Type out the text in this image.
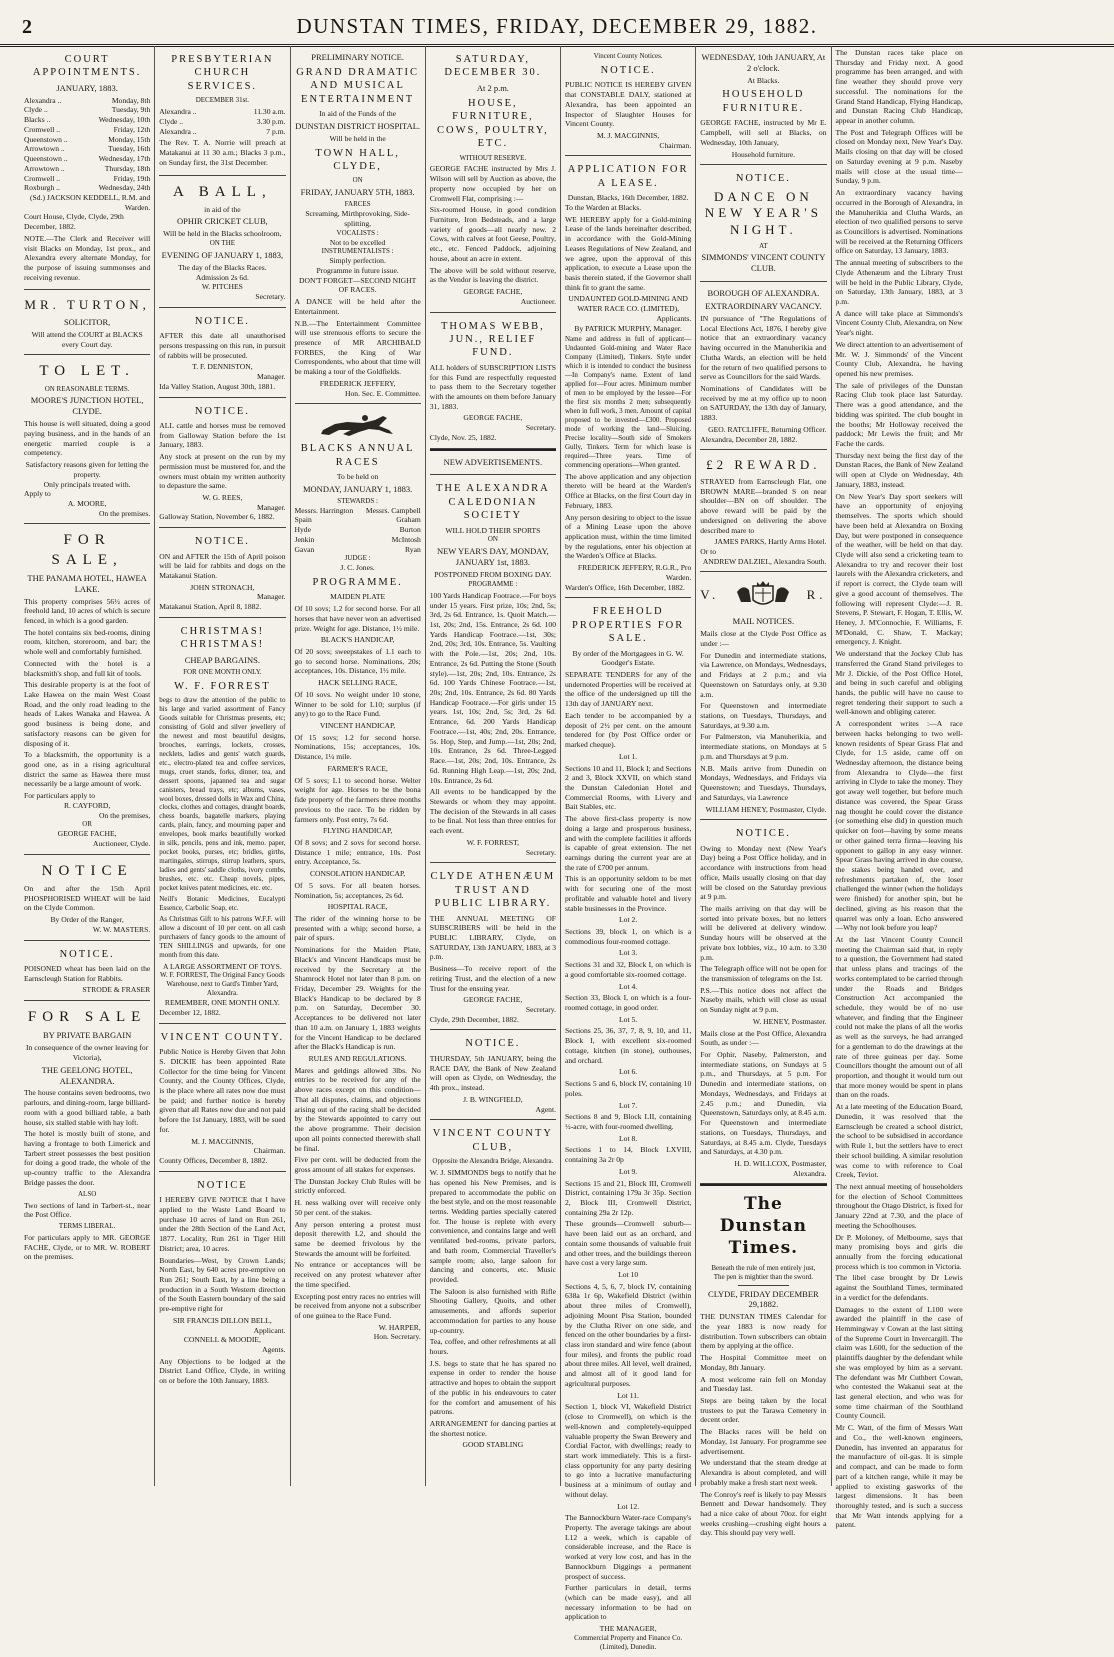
2	DUNSTAN TIMES, FRIDAY, DECEMBER 29, 1882.
COURT APPOINTMENTS.
JANUARY, 1883.
Alexandra ..	Monday, 8th
Clyde ..	Tuesday, 9th
Blacks ..	Wednesday, 10th
Cromwell ..	Friday, 12th
Queenstown ..	Monday, 15th
Arrowtown ..	Tuesday, 16th
Queenstown ..	Wednesday, 17th
Arrowtown ..	Thursday, 18th
Cromwell ..	Friday, 19th
Roxburgh ..	Wednesday, 24th
(Sd.) JACKSON KEDDELL, R.M. and Warden.
Court House, Clyde, Clyde, 29th December, 1882.
NOTE.—The Clerk and Receiver will visit Blacks on Monday, 1st prox., and Alexandra every alternate Monday, for the purpose of issuing summonses and receiving revenue.
MR. TURTON,
SOLICITOR,
Will attend the COURT at BLACKS every Court day.
TO LET.
ON REASONABLE TERMS.
MOORE'S JUNCTION HOTEL, CLYDE.
This house is well situated, doing a good paying business, and in the hands of an energetic married couple is a competency.
Satisfactory reasons given for letting the property.
Only principals treated with.
Apply to
A. MOORE,
On the premises.
FOR SALE,
THE PANAMA HOTEL, HAWEA LAKE.
This property comprises 56½ acres of freehold land, 10 acres of which is secure fenced, in which is a good garden.
The hotel contains six bed-rooms, dining room, kitchen, storeroom, and bar; the whole well and comfortably furnished.
Connected with the hotel is a blacksmith's shop, and full kit of tools.
This desirable property is at the foot of Lake Hawea on the main West Coast Road, and the only road leading to the heads of Lakes Wanaka and Hawea. A good business is being done, and satisfactory reasons can be given for disposing of it.
To a blacksmith, the opportunity is a good one, as in a rising agricultural district the same as Hawea there must necessarily be a large amount of work.
For particulars apply to
R. CAYFORD,
On the premises,
OR
GEORGE FACHE,
Auctioneer, Clyde.
NOTICE
On and after the 15th April PHOSPHORISED WHEAT will be laid on the Clyde Common.
By Order of the Ranger,
W. W. MASTERS.
NOTICE.
POISONED wheat has been laid on the Earnscleugh Station for Rabbits.
STRODE & FRASER
FOR SALE
BY PRIVATE BARGAIN
In consequence of the owner leaving for Victoria),
THE GEELONG HOTEL, ALEXANDRA.
The house contains seven bedrooms, two parlours, and dining-room, large billiard-room with a good billiard table, a bath house, six stalled stable with hay loft.
The hotel is mostly built of stone, and having a frontage to both Limerick and Tarbert street possesses the best position for doing a good trade, the whole of the up-country traffic to the Alexandra Bridge passes the door.
ALSO
Two sections of land in Tarbert-st., near the Post Office.
TERMS LIBERAL.
For particulars apply to MR. GEORGE FACHE, Clyde, or to MR. W. ROBERT on the premises.
PRESBYTERIAN CHURCH SERVICES.
DECEMBER 31st.
Alexandra ..	11.30 a.m.
Clyde ..	3.30 p.m.
Alexandra ..	7 p.m.
The Rev. T. A. Norrie will preach at Matakanui at 11 30 a.m.; Blacks 3 p.m., on Sunday first, the 31st December.
A BALL,
in aid of the
OPHIR CRICKET CLUB,
Will be held in the Blacks schoolroom,
ON THE
EVENING OF JANUARY 1, 1883,
The day of the Blacks Races.
Admission 2s 6d.
W. PITCHES
Secretary.
NOTICE.
AFTER this date all unauthorised persons trespassing on this run, in pursuit of rabbits will be prosecuted.
T. F. DENNISTON,
Manager.
Ida Valley Station, August 30th, 1881.
NOTICE.
ALL cattle and horses must be removed from Galloway Station before the 1st January, 1883.
Any stock at present on the run by my permission must be mustered for, and the owners must obtain my written authority to depasture the same.
W. G. REES,
Manager.
Galloway Station, November 6, 1882.
NOTICE.
ON and AFTER the 15th of April poison will be laid for rabbits and dogs on the Matakanui Station.
JOHN STRONACH,
Manager.
Matakanui Station, April 8, 1882.
CHRISTMAS! CHRISTMAS!
CHEAP BARGAINS.
FOR ONE MONTH ONLY.
W. F. FORREST
begs to draw the attention of the public to his large and varied assortment of Fancy Goods suitable for Christmas presents, etc; consisting of Gold and silver jewellery of the newest and most beautiful designs, brooches, earrings, lockets, crosses, necklets, ladies and gents' watch guards, etc., electro-plated tea and coffee services, mugs, cruet stands, forks, dinner, tea, and dessert spoons, japanned tea and sugar canisters, bread trays, etc; albums, vases, wool boxes, dressed dolls in Wax and China, clocks, clothes and cottages, draught boards, chess boards, bagatelle markers, playing cards, plain, fancy, and mourning paper and envelopes, book marks beautifully worked in silk, pencils, pens and ink, memo. paper, pocket books, purses, etc; bridles, girths, martingales, stirrups, stirrup leathers, spurs, ladies and gents' saddle cloths, ivory combs, brushes, etc. etc. Cheap novels, pipes, pocket knives patent medicines, etc. etc.
Neill's Botanic Medicines, Eucalypti Essence, Carbolic Soap, etc.
As Christmas Gift to his patrons W.F.F. will allow a discount of 10 per cent. on all cash purchasers of fancy goods to the amount of TEN SHILLINGS and upwards, for one month from this date.
A LARGE ASSORTMENT OF TOYS.
W. F. FORREST, The Original Fancy Goods Warehouse, next to Gard's Timber Yard, Alexandra.
REMEMBER, ONE MONTH ONLY.
December 12, 1882.
VINCENT COUNTY.
Public Notice is Hereby Given that John S. DICKIE has been appointed Rate Collector for the time being for Vincent County, and the County Offices, Clyde, is the place where all rates now due must be paid; and further notice is hereby given that all Rates now due and not paid before the 1st January, 1883, will be sued for.
M. J. MACGINNIS,
Chairman.
County Offices, December 8, 1882.
NOTICE
I HEREBY GIVE NOTICE that I have applied to the Waste Land Board to purchase 10 acres of land on Run 261, under the 28th Section of the Land Act, 1877. Locality, Run 261 in Tiger Hill District; area, 10 acres.
Boundaries—West, by Crown Lands; North East, by 640 acres pre-emptive on Run 261; South East, by a line being a production in a South Western direction of the South Eastern boundary of the said pre-emptive right for
SIR FRANCIS DILLON BELL,
Applicant.
CONNELL & MOODIE,
Agents.
Any Objections to be lodged at the District Land Office, Clyde, in writing on or before the 10th January, 1883.
PRELIMINARY NOTICE.
GRAND DRAMATIC AND MUSICAL ENTERTAINMENT
In aid of the Funds of the
DUNSTAN DISTRICT HOSPITAL.
Will be held in the
TOWN HALL, CLYDE,
ON
FRIDAY, JANUARY 5TH, 1883.
FARCES
Screaming, Mirthprovoking, Side-splitting,
VOCALISTS :
Not to be excelled
INSTRUMENTALISTS :
Simply perfection.
Programme in future issue.
DON'T FORGET—SECOND NIGHT OF RACES.
A DANCE will be held after the Entertainment.
N.B.—The Entertainment Committee will use strenuous efforts to secure the presence of MR ARCHIBALD FORBES, the King of War Correspondents, who about that time will be making a tour of the Goldfields.
FREDERICK JEFFERY,
Hon. Sec. E. Committee.
BLACKS ANNUAL RACES
To be held on
MONDAY, JANUARY 1, 1883.
STEWARDS :
Messrs. Harrington Messrs. Campbell
Spain	Graham
Hyde	Burton
Jenkin	McIntosh
Gavan	Ryan
JUDGE :
J. C. Jones.
PROGRAMME.
MAIDEN PLATE
Of 10 sovs; 1.2 for second horse. For all horses that have never won an advertised prize. Weight for age. Distance, 1½ mile.
BLACK'S HANDICAP,
Of 20 sovs; sweepstakes of 1.1 each to go to second horse. Nominations, 20s; acceptances, 10s. Distance, 1½ mile.
HACK SELLING RACE,
Of 10 sovs. No weight under 10 stone, Winner to be sold for L10; surplus (if any) to go to the Race Fund.
VINCENT HANDICAP,
Of 15 sovs; 1.2 for second horse. Nominations, 15s; acceptances, 10s. Distance, 1¼ mile.
FARMER'S RACE,
Of 5 sovs; L1 to second horse. Welter weight for age. Horses to be the bona fide property of the farmers three months previous to the race. To be ridden by farmers only. Post entry, 7s 6d.
FLYING HANDICAP,
Of 8 sovs; and 2 sovs for second horse. Distance 1 mile; entrance, 10s. Post entry. Acceptance, 5s.
CONSOLATION HANDICAP,
Of 5 sovs. For all beaten horses. Nomination, 5s; acceptances, 2s 6d.
HOSPITAL RACE,
The rider of the winning horse to be presented with a whip; second horse, a pair of spurs.
Nominations for the Maiden Plate, Black's and Vincent Handicaps must be received by the Secretary at the Shamrock Hotel not later than 8 p.m. on Friday, December 29. Weights for the Black's Handicap to be declared by 8 p.m. on Saturday, December 30. Acceptances to be delivered not later than 10 a.m. on January 1, 1883 weights for the Vincent Handicap to be declared after the Black's Handicap is run.
RULES AND REGULATIONS.
Mares and geldings allowed 3lbs. No entries to be received for any of the above races except on this condition—That all disputes, claims, and objections arising out of the racing shall be decided by the Stewards appointed to carry out the above programme. Their decision upon all points connected therewith shall be final.
Five per cent. will be deducted from the gross amount of all stakes for expenses.
The Dunstan Jockey Club Rules will be strictly enforced.
H. ness walking over will receive only 50 per cent. of the stakes.
Any person entering a protest must deposit therewith L2, and should the same be deemed frivolous by the Stewards the amount will be forfeited.
No entrance or acceptances will be received on any protest whatever after the time specified.
Excepting post entry races no entries will be received from anyone not a subscriber of one guinea to the Race Fund.
W. HARPER,
Hon. Secretary.
SATURDAY, DECEMBER 30.
At 2 p.m.
HOUSE, FURNITURE, COWS, POULTRY, ETC.
WITHOUT RESERVE.
GEORGE FACHE instructed by Mrs J. Wilson will sell by Auction as above, the property now occupied by her on Cromwell Flat, comprising :—
Six-roomed House, in good condition Furniture, Iron Bedsteads, and a large variety of goods—all nearly new. 2 Cows, with calves at foot Geese, Poultry, etc., etc. Fenced Paddock, adjoining house, about an acre in extent.
The above will be sold without reserve, as the Vendor is leaving the district.
GEORGE FACHE,
Auctioneer.
THOMAS WEBB, JUN., RELIEF FUND.
ALL holders of SUBSCRIPTION LISTS for this Fund are respectfully requested to pass them to the Secretary together with the amounts on them before January 31, 1883.
GEORGE FACHE,
Secretary.
Clyde, Nov. 25, 1882.
NEW ADVERTISEMENTS.
THE ALEXANDRA CALEDONIAN SOCIETY
WILL HOLD THEIR SPORTS
ON
NEW YEAR'S DAY, MONDAY, JANUARY 1st, 1883.
POSTPONED FROM BOXING DAY.
PROGRAMME :
100 Yards Handicap Footrace.—For boys under 15 years. First prize, 10s; 2nd, 5s; 3rd, 2s 6d. Entrance, 1s. Quoit Match.—1st, 20s; 2nd, 15s. Entrance, 2s 6d. 100 Yards Handicap Footrace.—1st, 30s; 2nd, 20s; 3rd, 10s. Entrance, 5s. Vaulting with the Pole.—1st, 20s; 2nd, 10s. Entrance, 2s 6d. Putting the Stone (South style).—1st, 20s; 2nd, 10s. Entrance, 2s 6d. 100 Yards Chinese Footrace.—1st, 20s; 2nd, 10s. Entrance, 2s 6d. 80 Yards Handicap Footrace.—For girls under 15 years. 1st, 10s; 2nd, 5s; 3rd, 2s 6d. Entrance, 6d. 200 Yards Handicap Footrace.—1st, 40s; 2nd, 20s. Entrance, 5s. Hop, Step, and Jump.—1st, 20s; 2nd, 10s. Entrance, 2s 6d. Three-Legged Race.—1st, 20s; 2nd, 10s. Entrance, 2s 6d. Running High Leap.—1st, 20s; 2nd, 10s. Entrance, 2s 6d.
All events to be handicapped by the Stewards or whom they may appoint. The decision of the Stewards in all cases to be final. Not less than three entries for each event.
W. F. FORREST,
Secretary.
CLYDE ATHENÆUM TRUST AND PUBLIC LIBRARY.
THE ANNUAL MEETING OF SUBSCRIBERS will be held in the PUBLIC LIBRARY, Clyde, on SATURDAY, 13th JANUARY, 1883, at 3 p.m.
Business—To receive report of the retiring Trust, and the election of a new Trust for the ensuing year.
GEORGE FACHE,
Secretary.
Clyde, 29th December, 1882.
NOTICE.
THURSDAY, 5th JANUARY, being the RACE DAY, the Bank of New Zealand will open as Clyde, on Wednesday, the 4th prox., instead.
J. B. WINGFIELD,
Agent.
VINCENT COUNTY CLUB,
Opposite the Alexandra Bridge, Alexandra.
W. J. SIMMONDS begs to notify that he has opened his New Premises, and is prepared to accommodate the public on the best style, and on the most reasonable terms. Wedding parties specially catered for. The house is replete with every convenience, and contains large and well ventilated bed-rooms, private parlors, and bath room, Commercial Traveller's sample room; also, large saloon for dancing and concerts, etc. Music provided.
The Saloon is also furnished with Rifle Shooting Gallery, Quoits, and other amusements, and affords superior accommodation for parties to any house up-country.
Tea, coffee, and other refreshments at all hours.
J.S. begs to state that he has spared no expense in order to render the house attractive and hopes to obtain the support of the public in his endeavours to cater for the comfort and amusement of his patrons.
ARRANGEMENT for dancing parties at the shortest notice.
GOOD STABLING
Vincent County Notices.
NOTICE.
PUBLIC NOTICE IS HEREBY GIVEN that CONSTABLE DALY, stationed at Alexandra, has been appointed an Inspector of Slaughter Houses for Vincent County.
M. J. MACGINNIS,
Chairman.
APPLICATION FOR A LEASE.
Dunstan, Blacks, 16th December, 1882.
To the Warden at Blacks.
WE HEREBY apply for a Gold-mining Lease of the lands hereinafter described, in accordance with the Gold-Mining Leases Regulations of New Zealand, and we agree, upon the approval of this application, to execute a Lease upon the basis therein stated, if the Governor shall think fit to grant the same.
UNDAUNTED GOLD-MINING AND WATER RACE CO. (LIMITED),
Applicants.
By PATRICK MURPHY, Manager.
Name and address in full of applicant—Undaunted Gold-mining and Water Race Company (Limited), Tinkers. Style under which it is intended to conduct the business—In Company's name. Extent of land applied for—Four acres. Minimum number of men to be employed by the lessee—For the first six months 2 men; subsequently when in full work, 3 men. Amount of capital proposed to be invested—£300. Proposed mode of working the land—Sluicing. Precise locality—South side of Smokers Gully, Tinkers. Term for which lease is required—Three years. Time of commencing operations—When granted.
The above application and any objection thereto will be heard at the Warden's Office at Blacks, on the first Court day in February, 1883.
Any person desiring to object to the issue of a Mining Lease upon the above application must, within the time limited by the regulations, enter his objection at the Warden's Office at Blacks.
FREDERICK JEFFERY, R.G.R., Pro Warden.
Warden's Office, 16th December, 1882.
FREEHOLD PROPERTIES FOR SALE.
By order of the Mortgagees in G. W. Goodger's Estate.
SEPARATE TENDERS for any of the undernoted Properties will be received at the office of the undersigned up till the 13th day of JANUARY next.
Each tender to be accompanied by a deposit of 2½ per cent. on the amount tendered for (by Post Office order or marked cheque).
Lot 1.
Sections 10 and 11, Block I; and Sections 2 and 3, Block XXVII, on which stand the Dunstan Caledonian Hotel and Commercial Rooms, with Livery and Bait Stables, etc.
The above first-class property is now doing a large and prosperous business, and with the complete facilities it affords is capable of great extension. The net earnings during the current year are at the rate of £700 per annum.
This is an opportunity seldom to be met with for securing one of the most profitable and valuable hotel and livery stable businesses in the Province.
Lot 2.
Sections 39, block 1, on which is a commodious four-roomed cottage.
Lot 3.
Sections 31 and 32, Block I, on which is a good comfortable six-roomed cottage.
Lot 4.
Section 33, Block I, on which is a four-roomed cottage, in good order.
Lot 5.
Sections 25, 36, 37, 7, 8, 9, 10, and 11, Block I, with excellent six-roomed cottage, kitchen (in stone), outhouses, and orchard.
Lot 6.
Sections 5 and 6, block IV, containing 10 poles.
Lot 7.
Sections 8 and 9, Block LII, containing ½-acre, with four-roomed dwelling.
Lot 8.
Sections 1 to 14, Block LXVIII, containing 3a 2r 0p
Lot 9.
Sections 15 and 21, Block III, Cromwell District, containing 179a 3r 35p. Section 2, Block III, Cromwell District, containing 29a 2r 12p.
These grounds—Cromwell suburb—have been laid out as an orchard, and contain some thousands of valuable fruit and other trees, and the buildings thereon have cost a very large sum.
Lot 10
Sections 4, 5, 6, 7, block IV, containing 638a 1r 6p, Wakefield District (within about three miles of Cromwell), adjoining Mount Pisa Station, bounded by the Clutha River on one side, and fenced on the other boundaries by a first-class iron standard and wire fence (about four miles), and fronts the public road about three miles. All level, well drained, and almost all of it good land for agricultural purposes.
Lot 11.
Section 1, block VI, Wakefield District (close to Cromwell), on which is the well-known and completely-equipped valuable property the Swan Brewery and Cordial Factor, with dwellings; ready to start work immediately. This is a first-class opportunity for any party desiring to go into a lucrative manufacturing business at a minimum of outlay and without delay.
Lot 12.
The Bannockburn Water-race Company's Property. The average takings are about L12 a week, which is capable of considerable increase, and the Race is worked at very low cost, and has in the Bannockburn Diggings a permanent prospect of success.
Further particulars in detail, terms (which can be made easy), and all necessary information to be had on application to
THE MANAGER,
Commercial Property and Finance Co. (Limited), Dunedin.
WEDNESDAY, 10th JANUARY, At 2 o'clock.
At Blacks.
HOUSEHOLD FURNITURE.
GEORGE FACHE, instructed by Mr E. Campbell, will sell at Blacks, on Wednesday, 10th January,
Household furniture.
NOTICE.
DANCE ON NEW YEAR'S NIGHT.
AT
SIMMONDS' VINCENT COUNTY CLUB.
BOROUGH OF ALEXANDRA.
EXTRAORDINARY VACANCY.
IN pursuance of "The Regulations of Local Elections Act, 1876, I hereby give notice that an extraordinary vacancy having occurred in the Manuherikia and Clutha Wards, an election will be held for the return of two qualified persons to serve as Councillors for the said Wards.
Nominations of Candidates will be received by me at my office up to noon on SATURDAY, the 13th day of January, 1883.
GEO. RATCLIFFE, Returning Officer.
Alexandra, December 28, 1882.
£2 REWARD.
STRAYED from Earnscleugh Flat, one BROWN MARE—branded S on near shoulder—BN on off shoulder. The above reward will be paid by the undersigned on delivering the above described mare to
JAMES PARKS, Hartly Arms Hotel.
Or to
ANDREW DALZIEL, Alexandra South.
V.	R.
MAIL NOTICES.
Mails close at the Clyde Post Office as under :—
For Dunedin and intermediate stations, via Lawrence, on Mondays, Wednesdays, and Fridays at 2 p.m.; and via Queenstown on Saturdays only, at 9.30 a.m.
For Queenstown and intermediate stations, on Tuesdays, Thursdays, and Saturdays, at 9.30 a.m.
For Palmerston, via Manuherikia, and intermediate stations, on Mondays at 5 p.m. and Thursdays at 9 p.m.
N.B. Mails arrive from Dunedin on Mondays, Wednesdays, and Fridays via Queenstown; and Tuesdays, Thursdays, and Saturdays, via Lawrence
WILLIAM HENEY, Postmaster, Clyde.
NOTICE.
Owing to Monday next (New Year's Day) being a Post Office holiday, and in accordance with instructions from head office, Mails usually closing on that day will be closed on the Saturday previous at 9 p.m.
The mails arriving on that day will be sorted into private boxes, but no letters will be delivered at delivery window. Sunday hours will be observed at the private box lobbies, viz., 10 a.m. to 3.30 p.m.
The Telegraph office will not be open for the transmission of telegrams on the 1st.
P.S.—This notice does not affect the Naseby mails, which will close as usual on Sunday night at 9 p.m.
W. HENEY, Postmaster.
Mails close at the Post Office, Alexandra South, as under :—
For Ophir, Naseby, Palmerston, and intermediate stations, on Sundays at 5 p.m., and Thursdays, at 5 p.m. For Dunedin and intermediate stations, on Mondays, Wednesdays, and Fridays at 2.45 p.m.; and Dunedin, via Queenstown, Saturdays only, at 8.45 a.m. For Queenstown and intermediate stations, on Tuesdays, Thursdays, and Saturdays, at 8.45 a.m. Clyde, Tuesdays and Saturdays, at 4.30 p.m.
H. D. WILLCOX, Postmaster, Alexandra.
The Dunstan Times.
Beneath the rule of men entirely just,
The pen is mightier than the sword.
CLYDE, FRIDAY DECEMBER 29,1882.
THE DUNSTAN TIMES Calendar for the year 1883 is now ready for distribution. Town subscribers can obtain them by applying at the office.
The Hospital Committee meet on Monday, 8th January.
A most welcome rain fell on Monday and Tuesday last.
Steps are being taken by the local trustees to put the Tarawa Cemetery in decent order.
The Blacks races will be held on Monday, 1st January. For programme see advertisement.
We understand that the steam dredge at Alexandra is about completed, and will probably make a fresh start next week.
The Conroy's reef is likely to pay Messrs Bennett and Dewar handsomely. They had a nice cake of about 70oz. for eight weeks crushing—crushing eight hours a day. This should pay very well.
The Dunstan races take place on Thursday and Friday next. A good programme has been arranged, and with fine weather they should prove very successful. The nominations for the Grand Stand Handicap, Flying Handicap, and Dunstan Racing Club Handicap, appear in another column.
The Post and Telegraph Offices will be closed on Monday next, New Year's Day. Mails closing on that day will be closed on Saturday evening at 9 p.m. Naseby mails will close at the usual time—Sunday, 9 p.m.
An extraordinary vacancy having occurred in the Borough of Alexandra, in the Manuherikia and Clutha Wards, an election of two qualified persons to serve as Councillors is advertised. Nominations will be received at the Returning Officers office on Saturday, 13 January, 1883.
The annual meeting of subscribers to the Clyde Athenæum and the Library Trust will be held in the Public Library, Clyde, on Saturday, 13th January, 1883, at 3 p.m.
A dance will take place at Simmonds's Vincent County Club, Alexandra, on New Year's night.
We direct attention to an advertisement of Mr. W. J. Simmonds' of the Vincent County Club, Alexandra, he having opened his new premises.
The sale of privileges of the Dunstan Racing Club took place last Saturday. There was a good attendance, and the bidding was spirited. The club bought in the booths; Mr Holloway received the paddock; Mr Lewis the fruit; and Mr Fache the cards.
Thursday next being the first day of the Dunstan Races, the Bank of New Zealand will open at Clyde on Wednesday, 4th January, 1883, instead.
On New Year's Day sport seekers will have an opportunity of enjoying themselves. The sports which should have been held at Alexandra on Boxing Day, but were postponed in consequence of the weather, will be held on that day. Clyde will also send a cricketing team to Alexandra to try and recover their lost laurels with the Alexandra cricketers, and if report is correct, the Clyde team will give a good account of themselves. The following will represent Clyde:—J. R. Stevens, P. Stewart, F. Hogan, T. Ellis, W. Heney, J. M'Connochie, F. Williams, F. M'Donald, C. Shaw, T. Mackay; emergency, J. Knight.
We understand that the Jockey Club has transferred the Grand Stand privileges to Mr J. Dickie, of the Post Office Hotel, and being in such careful and obliging hands, the public will have no cause to regret tendering their support to such a well-known and obliging caterer.
A correspondent writes :—A race between hacks belonging to two well-known residents of Spear Grass Flat and Clyde, for 1.5 aside, came off on Wednesday afternoon, the distance being from Alexandra to Clyde—the first arriving in Clyde to take the money. They got away well together, but before much distance was covered, the Spear Grass nag thought he could cover the distance (or something else did) in question much quicker on foot—having by some means or other gained terra firma—leaving his opponent to gallop in any easy winner. Spear Grass having arrived in due course, the stakes being handed over, and refreshments partaken of, the loser challenged the winner (when the holidays were finished) for another spin, but he declined, giving as his reason that the quarrel was only a loan. Echo answered—Why not look before you leap?
At the last Vincent County Council meeting the Chairman said that, in reply to a question, the Government had stated that unless plans and tracings of the works contemplated to be carried through under the Roads and Bridges Construction Act accompanied the schedule, they would be of no use whatever, and finding that the Engineer could not make the plans of all the works as well as the surveys, he had arranged for a gentleman to do the drawings at the rate of three guineas per day. Some Councillors thought the amount out of all proportion, and thought it would turn out that more money would be spent in plans than on the roads.
At a late meeting of the Education Board, Dunedin, it was resolved that the Earnscleugh be created a school district, the school to be subsidised in accordance with Rule 1, but the settlers have to erect their school building. A similar resolution was come to with reference to Coal Creek, Teviot.
The next annual meeting of householders for the election of School Committees throughout the Otago District, is fixed for January 22nd at 7.30, and the place of meeting the Schoolhouses.
Dr P. Moloney, of Melbourne, says that many promising boys and girls die annually from the forcing educational process which is too common in Victoria.
The libel case brought by Dr Lewis against the Southland Times, terminated in a verdict for the defendants.
Damages to the extent of L100 were awarded the plaintiff in the case of Hemmingway v Cowan at the last sitting of the Supreme Court in Invercargill. The claim was L600, for the seduction of the plaintiffs daughter by the defendant while she was employed by him as a servant. The defendant was Mr Cuthbert Cowan, who contested the Wakanui seat at the last general election, and who was for some time chairman of the Southland County Council.
Mr C. Watt, of the firm of Messrs Watt and Co., the well-known engineers, Dunedin, has invented an apparatus for the manufacture of oil-gas. It is simple and compact, and can be made to form part of a kitchen range, while it may be applied to existing gasworks of the largest dimensions. It has been thoroughly tested, and is such a success that Mr Watt intends applying for a patent.
